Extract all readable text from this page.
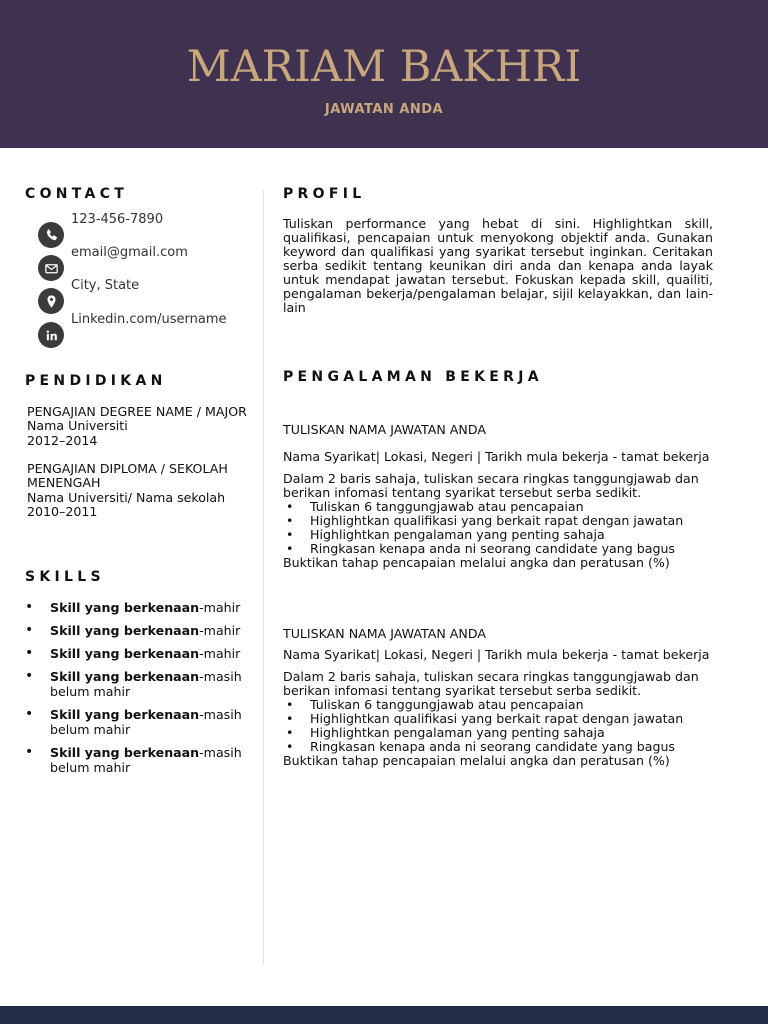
MARIAM BAKHRI
JAWATAN ANDA
CONTACT
123-456-7890
email@gmail.com
City, State
Linkedin.com/username
PENDIDIKAN
PENGAJIAN DEGREE NAME / MAJOR
Nama Universiti
2012–2014
PENGAJIAN DIPLOMA / SEKOLAH
MENENGAH
Nama Universiti/ Nama sekolah
2010–2011
SKILLS
• Skill yang berkenaan-mahir
• Skill yang berkenaan-mahir
• Skill yang berkenaan-mahir
• Skill yang berkenaan-masih belum mahir
• Skill yang berkenaan-masih belum mahir
• Skill yang berkenaan-masih belum mahir
PROFIL
Tuliskan performance yang hebat di sini. Highlightkan skill, qualifikasi, pencapaian untuk menyokong objektif anda. Gunakan keyword dan qualifikasi yang syarikat tersebut inginkan. Ceritakan serba sedikit tentang keunikan diri anda dan kenapa anda layak untuk mendapat jawatan tersebut. Fokuskan kepada skill, quailiti, pengalaman bekerja/pengalaman belajar, sijil kelayakkan, dan lain-lain
PENGALAMAN BEKERJA
TULISKAN NAMA JAWATAN ANDA
Nama Syarikat| Lokasi, Negeri | Tarikh mula bekerja - tamat bekerja
Dalam 2 baris sahaja, tuliskan secara ringkas tanggungjawab dan berikan infomasi tentang syarikat tersebut serba sedikit.
• Tuliskan 6 tanggungjawab atau pencapaian
• Highlightkan qualifikasi yang berkait rapat dengan jawatan
• Highlightkan pengalaman yang penting sahaja
• Ringkasan kenapa anda ni seorang candidate yang bagus
Buktikan tahap pencapaian melalui angka dan peratusan (%)
TULISKAN NAMA JAWATAN ANDA
Nama Syarikat| Lokasi, Negeri | Tarikh mula bekerja - tamat bekerja
Dalam 2 baris sahaja, tuliskan secara ringkas tanggungjawab dan berikan infomasi tentang syarikat tersebut serba sedikit.
• Tuliskan 6 tanggungjawab atau pencapaian
• Highlightkan qualifikasi yang berkait rapat dengan jawatan
• Highlightkan pengalaman yang penting sahaja
• Ringkasan kenapa anda ni seorang candidate yang bagus
Buktikan tahap pencapaian melalui angka dan peratusan (%)
